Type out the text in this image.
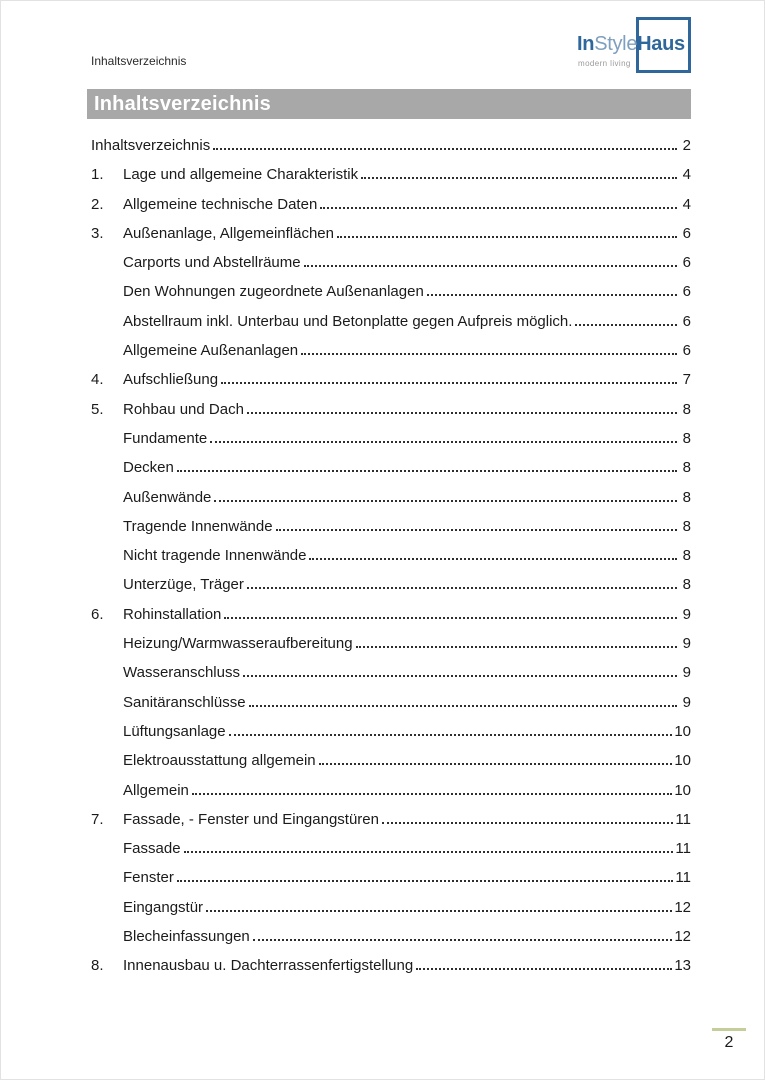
Inhaltsverzeichnis
InStyleHaus
modern living
Inhaltsverzeichnis
Inhaltsverzeichnis	2
1.	Lage und allgemeine Charakteristik	4
2.	Allgemeine technische Daten	4
3.	Außenanlage, Allgemeinflächen	6
Carports und Abstellräume	6
Den Wohnungen zugeordnete Außenanlagen	6
Abstellraum inkl. Unterbau und Betonplatte gegen Aufpreis möglich.	6
Allgemeine Außenanlagen	6
4.	Aufschließung	7
5.	Rohbau und Dach	8
Fundamente	8
Decken	8
Außenwände	8
Tragende Innenwände	8
Nicht tragende Innenwände	8
Unterzüge, Träger	8
6.	Rohinstallation	9
Heizung/Warmwasseraufbereitung	9
Wasseranschluss	9
Sanitäranschlüsse	9
Lüftungsanlage	10
Elektroausstattung allgemein	10
Allgemein	10
7.	Fassade, - Fenster und Eingangstüren	11
Fassade	11
Fenster	11
Eingangstür	12
Blecheinfassungen	12
8.	Innenausbau u. Dachterrassenfertigstellung	13
2
